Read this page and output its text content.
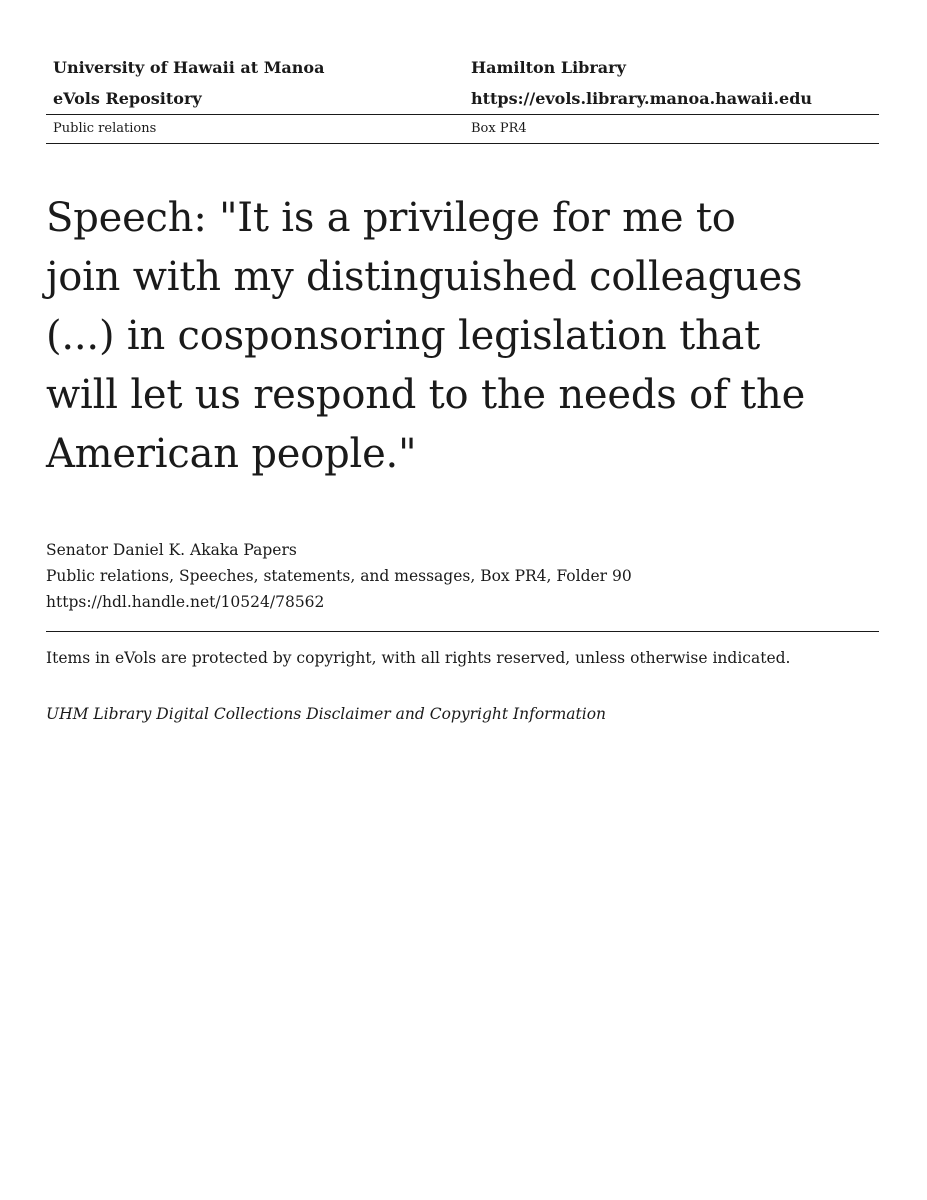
University of Hawaii at Manoa	Hamilton Library
eVols Repository	https://evols.library.manoa.hawaii.edu
Public relations	Box PR4
Speech: "It is a privilege for me to join with my distinguished colleagues (...) in cosponsoring legislation that will let us respond to the needs of the American people."
Senator Daniel K. Akaka Papers
Public relations, Speeches, statements, and messages, Box PR4, Folder 90
https://hdl.handle.net/10524/78562
Items in eVols are protected by copyright, with all rights reserved, unless otherwise indicated.
UHM Library Digital Collections Disclaimer and Copyright Information
